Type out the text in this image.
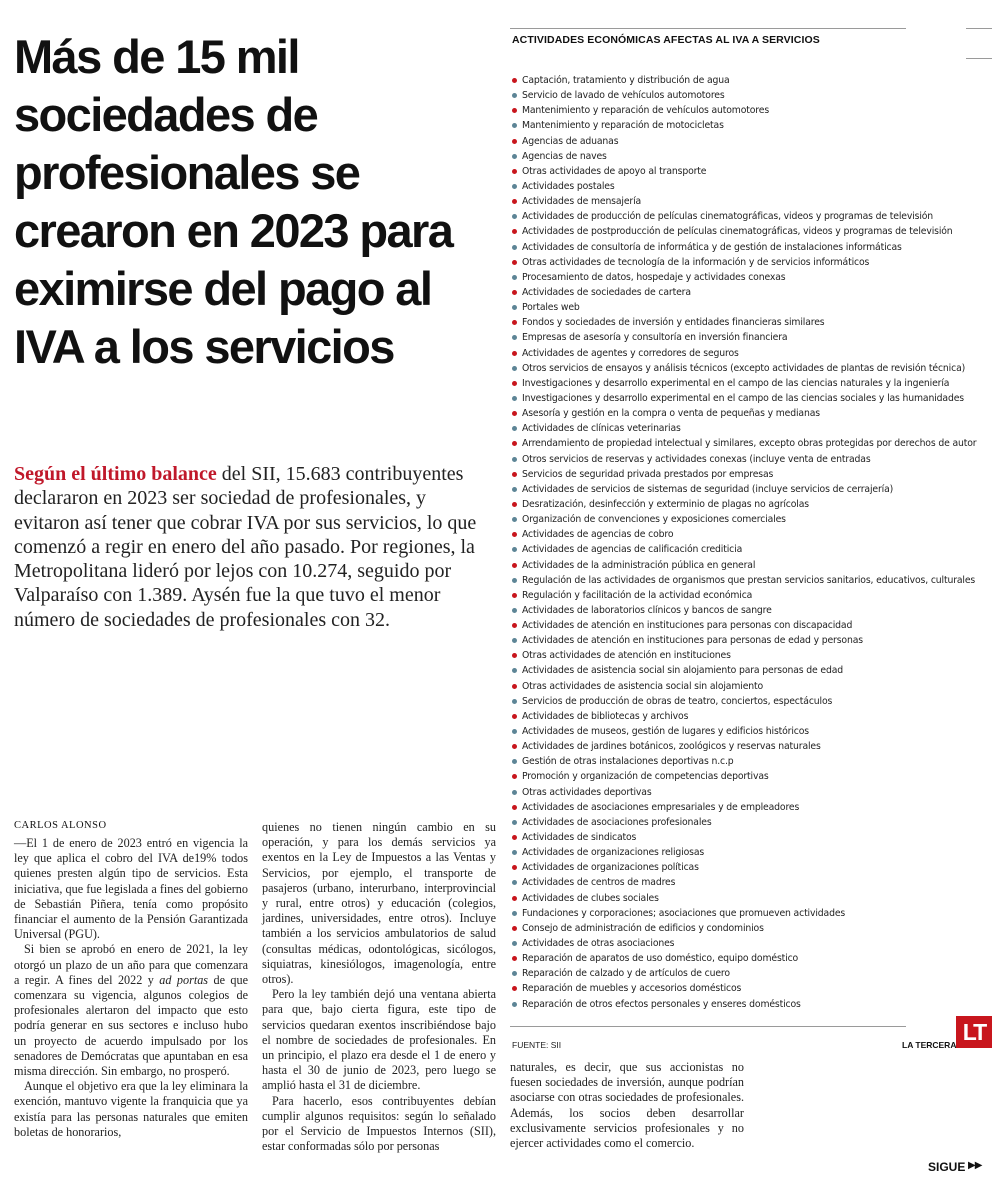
Más de 15 mil sociedades de profesionales se crearon en 2023 para eximirse del pago al IVA a los servicios
Según el último balance del SII, 15.683 contribuyentes declararon en 2023 ser sociedad de profesionales, y evitaron así tener que cobrar IVA por sus servicios, lo que comenzó a regir en enero del año pasado. Por regiones, la Metropolitana lideró por lejos con 10.274, seguido por Valparaíso con 1.389. Aysén fue la que tuvo el menor número de sociedades de profesionales con 32.
CARLOS ALONSO

—El 1 de enero de 2023 entró en vigencia la ley que aplica el cobro del IVA de19% todos quienes presten algún tipo de servicios. Esta iniciativa, que fue legislada a fines del gobierno de Sebastián Piñera, tenía como propósito financiar el aumento de la Pensión Garantizada Universal (PGU).

Si bien se aprobó en enero de 2021, la ley otorgó un plazo de un año para que comenzara a regir. A fines del 2022 y ad portas de que comenzara su vigencia, algunos colegios de profesionales alertaron del impacto que esto podría generar en sus sectores e incluso hubo un proyecto de acuerdo impulsado por los senadores de Demócratas que apuntaban en esa misma dirección. Sin embargo, no prosperó.

Aunque el objetivo era que la ley eliminara la exención, mantuvo vigente la franquicia que ya existía para las personas naturales que emiten boletas de honorarios,

quienes no tienen ningún cambio en su operación, y para los demás servicios ya exentos en la Ley de Impuestos a las Ventas y Servicios, por ejemplo, el transporte de pasajeros (urbano, interurbano, interprovincial y rural, entre otros) y educación (colegios, jardines, universidades, entre otros). Incluye también a los servicios ambulatorios de salud (consultas médicas, odontológicas, sicólogos, siquiatras, kinesiólogos, imagenología, entre otros).

Pero la ley también dejó una ventana abierta para que, bajo cierta figura, este tipo de servicios quedaran exentos inscribiéndose bajo el nombre de sociedades de profesionales. En un principio, el plazo era desde el 1 de enero y hasta el 30 de junio de 2023, pero luego se amplió hasta el 31 de diciembre.

Para hacerlo, esos contribuyentes debían cumplir algunos requisitos: según lo señalado por el Servicio de Impuestos Internos (SII), estar conformadas sólo por personas

naturales, es decir, que sus accionistas no fuesen sociedades de inversión, aunque podrían asociarse con otras sociedades de profesionales. Además, los socios deben desarrollar exclusivamente servicios profesionales y no ejercer actividades como el comercio.

ACTIVIDADES ECONÓMICAS AFECTAS AL IVA A SERVICIOS
Captación, tratamiento y distribución de agua
Servicio de lavado de vehículos automotores
Mantenimiento y reparación de vehículos automotores
Mantenimiento y reparación de motocicletas
Agencias de aduanas
Agencias de naves
Otras actividades de apoyo al transporte
Actividades postales
Actividades de mensajería
Actividades de producción de películas cinematográficas, videos y programas de televisión
Actividades de postproducción de películas cinematográficas, videos y programas de televisión
Actividades de consultoría de informática y de gestión de instalaciones informáticas
Otras actividades de tecnología de la información y de servicios informáticos
Procesamiento de datos, hospedaje y actividades conexas
Actividades de sociedades de cartera
Portales web
Fondos y sociedades de inversión y entidades financieras similares
Empresas de asesoría y consultoría en inversión financiera
Actividades de agentes y corredores de seguros
Otros servicios de ensayos y análisis técnicos (excepto actividades de plantas de revisión técnica)
Investigaciones y desarrollo experimental en el campo de las ciencias naturales y la ingeniería
Investigaciones y desarrollo experimental en el campo de las ciencias sociales y las humanidades
Asesoría y gestión en la compra o venta de pequeñas y medianas
Actividades de clínicas veterinarias
Arrendamiento de propiedad intelectual y similares, excepto obras protegidas por derechos de autor
Otros servicios de reservas y actividades conexas (incluye venta de entradas
Servicios de seguridad privada prestados por empresas
Actividades de servicios de sistemas de seguridad (incluye servicios de cerrajería)
Desratización, desinfección y exterminio de plagas no agrícolas
Organización de convenciones y exposiciones comerciales
Actividades de agencias de cobro
Actividades de agencias de calificación crediticia
Actividades de la administración pública en general
Regulación de las actividades de organismos que prestan servicios sanitarios, educativos, culturales
Regulación y facilitación de la actividad económica
Actividades de laboratorios clínicos y bancos de sangre
Actividades de atención en instituciones para personas con discapacidad
Actividades de atención en instituciones para personas de edad y personas
Otras actividades de atención en instituciones
Actividades de asistencia social sin alojamiento para personas de edad
Otras actividades de asistencia social sin alojamiento
Servicios de producción de obras de teatro, conciertos, espectáculos
Actividades de bibliotecas y archivos
Actividades de museos, gestión de lugares y edificios históricos
Actividades de jardines botánicos, zoológicos y reservas naturales
Gestión de otras instalaciones deportivas n.c.p
Promoción y organización de competencias deportivas
Otras actividades deportivas
Actividades de asociaciones empresariales y de empleadores
Actividades de asociaciones profesionales
Actividades de sindicatos
Actividades de organizaciones religiosas
Actividades de organizaciones políticas
Actividades de centros de madres
Actividades de clubes sociales
Fundaciones y corporaciones; asociaciones que promueven actividades
Consejo de administración de edificios y condominios
Actividades de otras asociaciones
Reparación de aparatos de uso doméstico, equipo doméstico
Reparación de calzado y de artículos de cuero
Reparación de muebles y accesorios domésticos
Reparación de otros efectos personales y enseres domésticos
FUENTE: SII	LA TERCERA LT
SIGUE ▶▶
